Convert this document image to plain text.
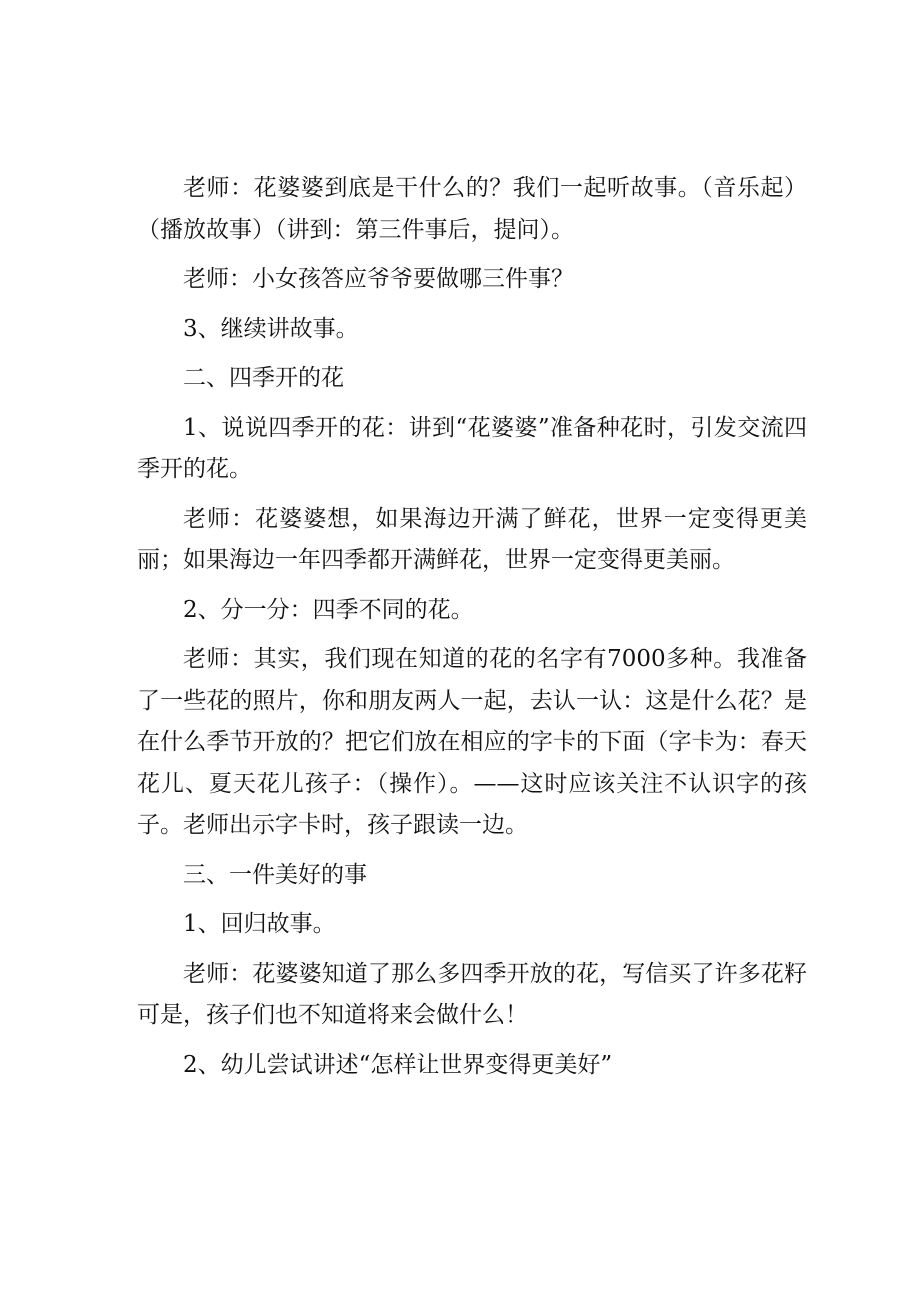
老师：花婆婆到底是干什么的？我们一起听故事。（音乐起）（播放故事）（讲到：第三件事后，提问）。

老师：小女孩答应爷爷要做哪三件事？

3、继续讲故事。

二、四季开的花

1、说说四季开的花：讲到“花婆婆”准备种花时，引发交流四季开的花。

老师：花婆婆想，如果海边开满了鲜花，世界一定变得更美丽；如果海边一年四季都开满鲜花，世界一定变得更美丽。

2、分一分：四季不同的花。

老师：其实，我们现在知道的花的名字有7000多种。我准备了一些花的照片，你和朋友两人一起，去认一认：这是什么花？是在什么季节开放的？把它们放在相应的字卡的下面（字卡为：春天花儿、夏天花儿孩子：（操作）。——这时应该关注不认识字的孩子。老师出示字卡时，孩子跟读一边。

三、一件美好的事

1、回归故事。

老师：花婆婆知道了那么多四季开放的花，写信买了许多花籽可是，孩子们也不知道将来会做什么！

2、幼儿尝试讲述“怎样让世界变得更美好”
